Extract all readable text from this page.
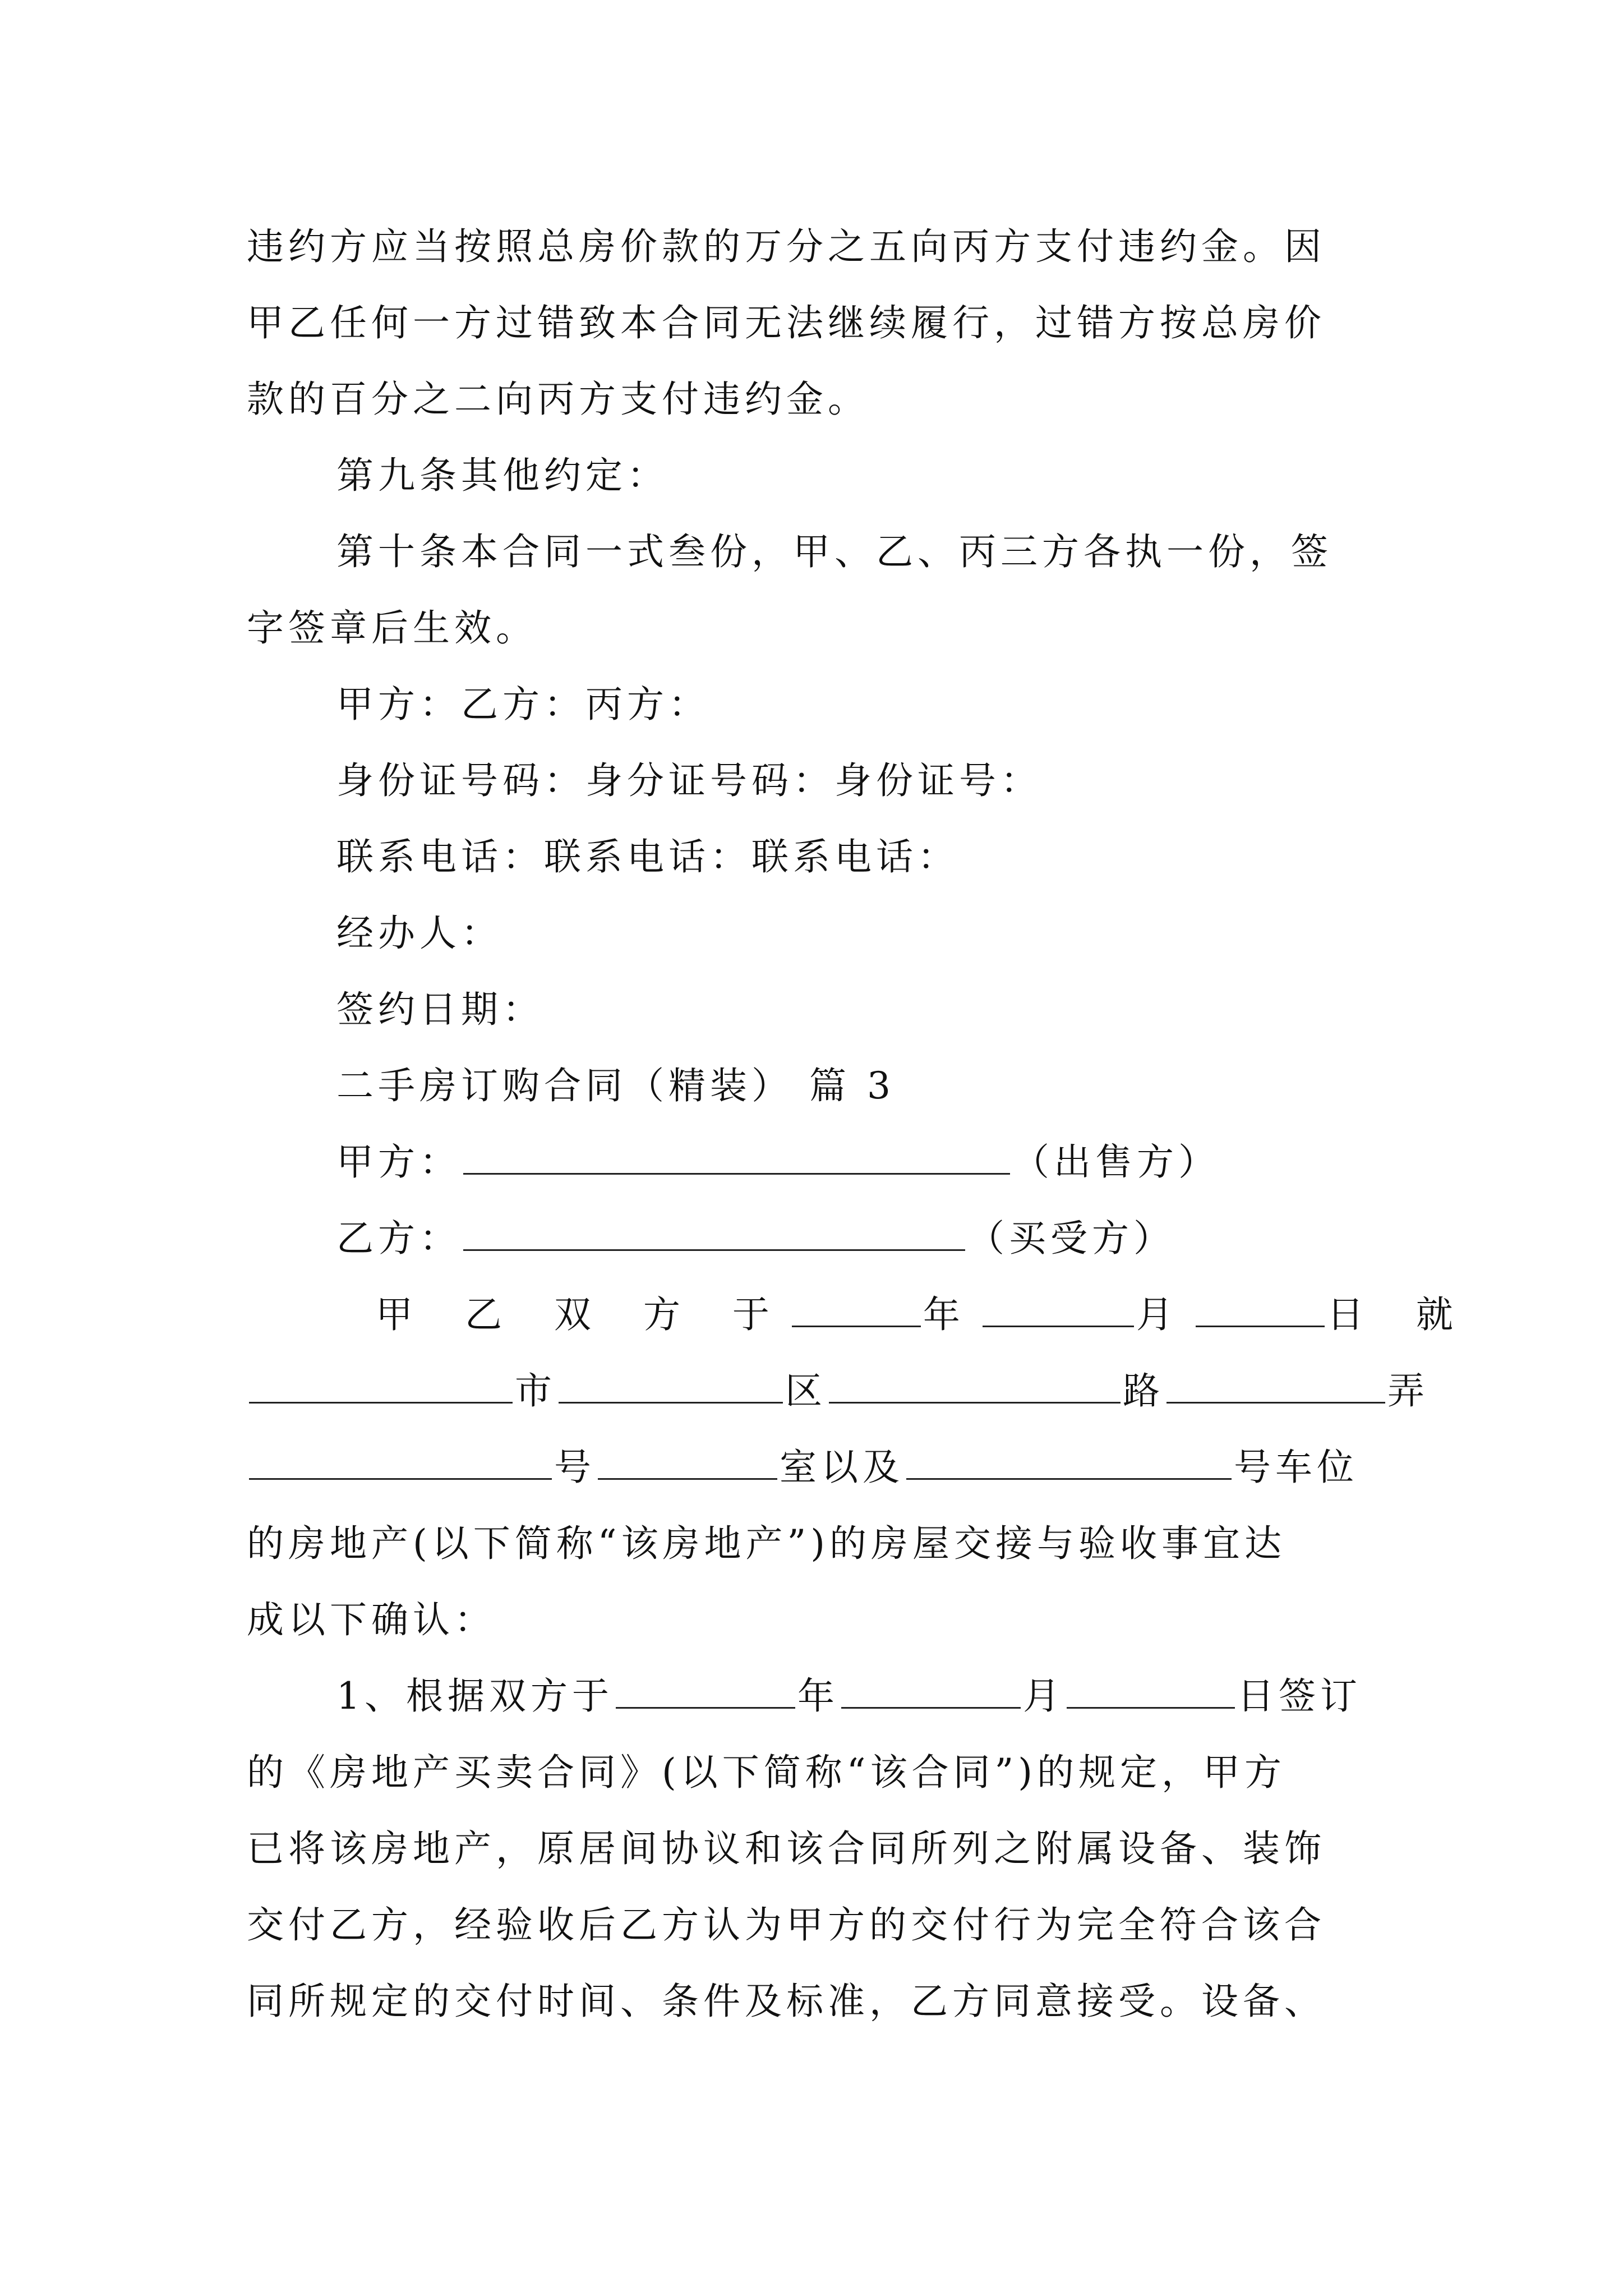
违约方应当按照总房价款的万分之五向丙方支付违约金。因
甲乙任何一方过错致本合同无法继续履行，过错方按总房价
款的百分之二向丙方支付违约金。
第九条其他约定：
第十条本合同一式叁份，甲、乙、丙三方各执一份，签
字签章后生效。
甲方：乙方：丙方：
身份证号码：身分证号码：身份证号：
联系电话：联系电话：联系电话：
经办人：
签约日期：
二手房订购合同（精装） 篇 3
甲方：	（出售方）
乙方：	（买受方）
甲 乙 双 方 于	年	月	日 就
市	区	路	弄
号	室以及	号车位
的房地产(以下简称“该房地产”)的房屋交接与验收事宜达
成以下确认：
1、根据双方于	年	月	日签订
的《房地产买卖合同》(以下简称“该合同”)的规定，甲方
已将该房地产，原居间协议和该合同所列之附属设备、装饰
交付乙方，经验收后乙方认为甲方的交付行为完全符合该合
同所规定的交付时间、条件及标准，乙方同意接受。设备、
